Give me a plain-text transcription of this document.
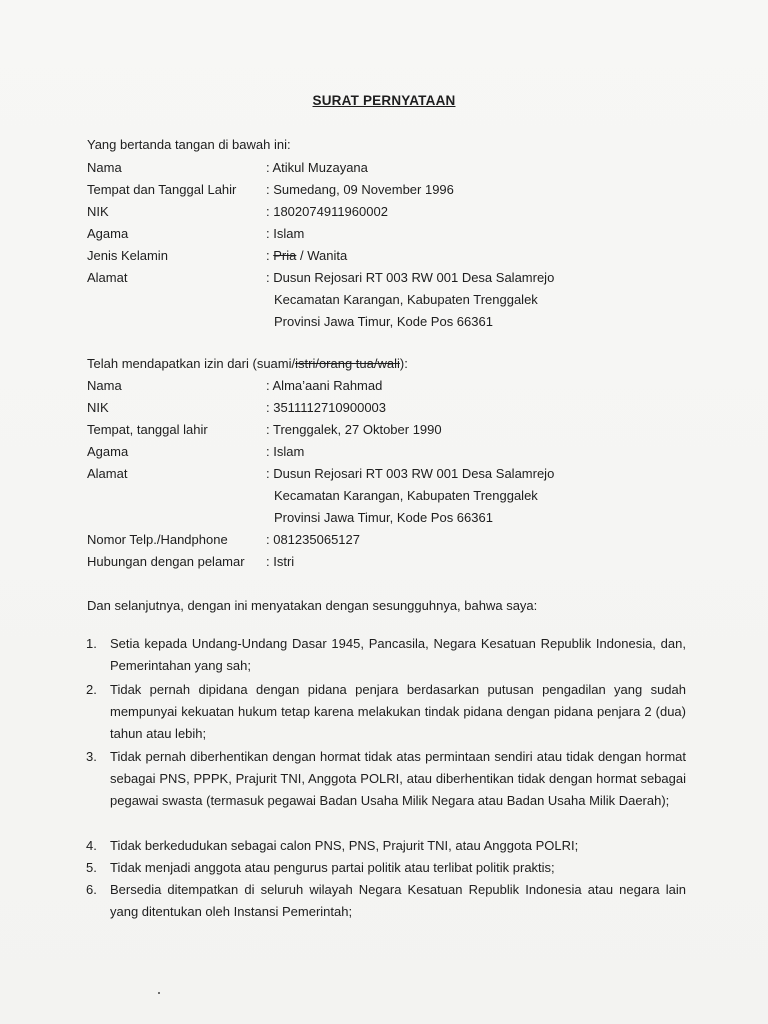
SURAT PERNYATAAN
Yang bertanda tangan di bawah ini:
Nama	: Atikul Muzayana
Tempat dan Tanggal Lahir : Sumedang, 09 November 1996
NIK	: 1802074911960002
Agama	: Islam
Jenis Kelamin	: Pria / Wanita
Alamat	: Dusun Rejosari RT 003 RW 001 Desa Salamrejo
Kecamatan Karangan, Kabupaten Trenggalek
Provinsi Jawa Timur, Kode Pos 66361
Telah mendapatkan izin dari (suami/istri/orang tua/wali):
Nama	: Alma’aani Rahmad
NIK	: 3511112710900003
Tempat, tanggal lahir	: Trenggalek, 27 Oktober 1990
Agama	: Islam
Alamat	: Dusun Rejosari RT 003 RW 001 Desa Salamrejo
Kecamatan Karangan, Kabupaten Trenggalek
Provinsi Jawa Timur, Kode Pos 66361
Nomor Telp./Handphone	: 081235065127
Hubungan dengan pelamar : Istri
Dan selanjutnya, dengan ini menyatakan dengan sesungguhnya, bahwa saya:
1. Setia kepada Undang-Undang Dasar 1945, Pancasila, Negara Kesatuan Republik Indonesia, dan, Pemerintahan yang sah;
2. Tidak pernah dipidana dengan pidana penjara berdasarkan putusan pengadilan yang sudah mempunyai kekuatan hukum tetap karena melakukan tindak pidana dengan pidana penjara 2 (dua) tahun atau lebih;
3. Tidak pernah diberhentikan dengan hormat tidak atas permintaan sendiri atau tidak dengan hormat sebagai PNS, PPPK, Prajurit TNI, Anggota POLRI, atau diberhentikan tidak dengan hormat sebagai pegawai swasta (termasuk pegawai Badan Usaha Milik Negara atau Badan Usaha Milik Daerah);
4. Tidak berkedudukan sebagai calon PNS, PNS, Prajurit TNI, atau Anggota POLRI;
5. Tidak menjadi anggota atau pengurus partai politik atau terlibat politik praktis;
6. Bersedia ditempatkan di seluruh wilayah Negara Kesatuan Republik Indonesia atau negara lain yang ditentukan oleh Instansi Pemerintah;
